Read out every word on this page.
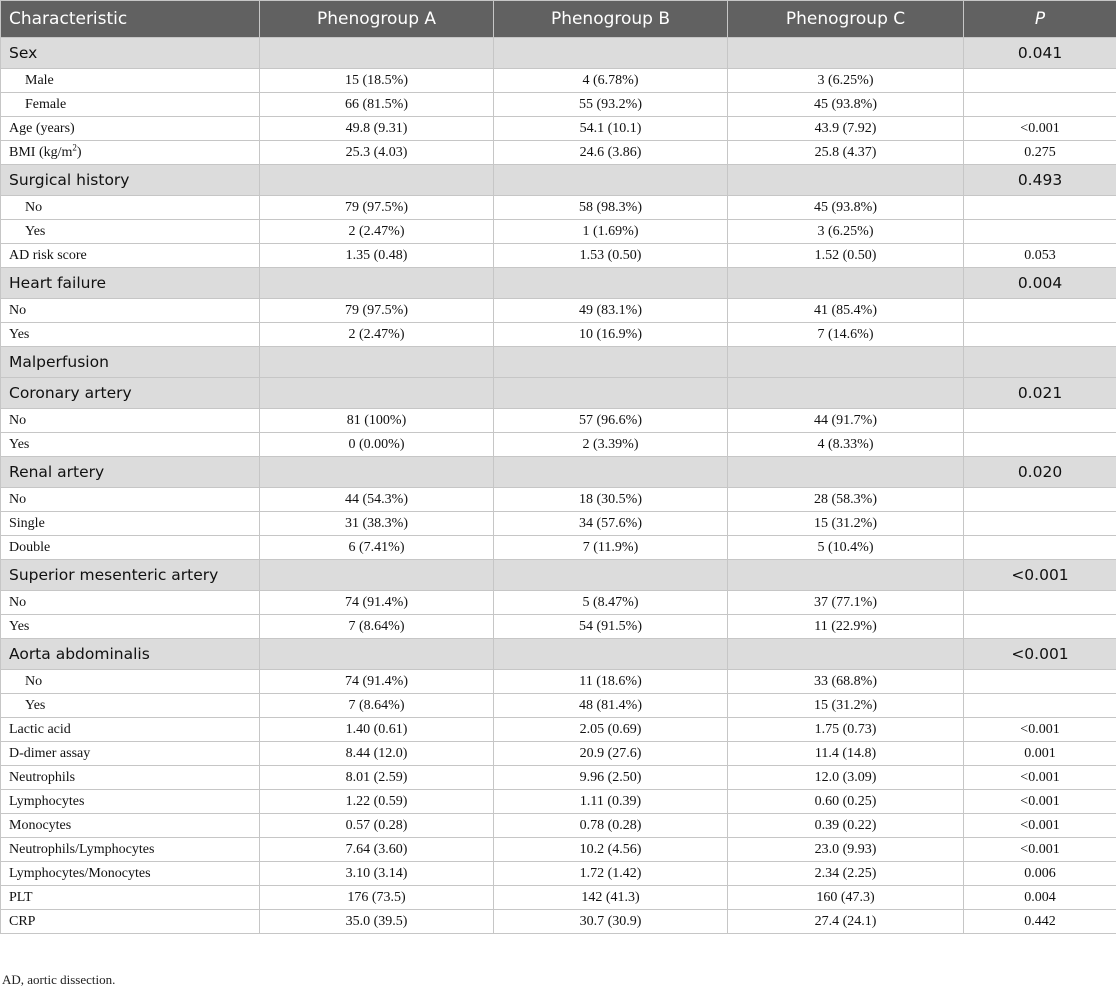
Characteristic	Phenogroup A	Phenogroup B	Phenogroup C	P
Sex				0.041
Male	15 (18.5%)	4 (6.78%)	3 (6.25%)	
Female	66 (81.5%)	55 (93.2%)	45 (93.8%)	
Age (years)	49.8 (9.31)	54.1 (10.1)	43.9 (7.92)	<0.001
BMI $(kg/m^2)$	25.3 (4.03)	24.6 (3.86)	25.8 (4.37)	0.275
Surgical history				0.493
No	79 (97.5%)	58 (98.3%)	45 (93.8%)	
Yes	2 (2.47%)	1 (1.69%)	3 (6.25%)	
AD risk score	1.35 (0.48)	1.53 (0.50)	1.52 (0.50)	0.053
Heart failure				0.004
No	79 (97.5%)	49 (83.1%)	41 (85.4%)	
Yes	2 (2.47%)	10 (16.9%)	7 (14.6%)	
Malperfusion				
Coronary artery				0.021
No	81 (100%)	57 (96.6%)	44 (91.7%)	
Yes	0 (0.00%)	2 (3.39%)	4 (8.33%)	
Renal artery				0.020
No	44 (54.3%)	18 (30.5%)	28 (58.3%)	
Single	31 (38.3%)	34 (57.6%)	15 (31.2%)	
Double	6 (7.41%)	7 (11.9%)	5 (10.4%)	
Superior mesenteric artery				<0.001
No	74 (91.4%)	5 (8.47%)	37 (77.1%)	
Yes	7 (8.64%)	54 (91.5%)	11 (22.9%)	
Aorta abdominalis				<0.001
No	74 (91.4%)	11 (18.6%)	33 (68.8%)	
Yes	7 (8.64%)	48 (81.4%)	15 (31.2%)	
Lactic acid	1.40 (0.61)	2.05 (0.69)	1.75 (0.73)	<0.001
D-dimer assay	8.44 (12.0)	20.9 (27.6)	11.4 (14.8)	0.001
Neutrophils	8.01 (2.59)	9.96 (2.50)	12.0 (3.09)	<0.001
Lymphocytes	1.22 (0.59)	1.11 (0.39)	0.60 (0.25)	<0.001
Monocytes	0.57 (0.28)	0.78 (0.28)	0.39 (0.22)	<0.001
Neutrophils/Lymphocytes	7.64 (3.60)	10.2 (4.56)	23.0 (9.93)	<0.001
Lymphocytes/Monocytes	3.10 (3.14)	1.72 (1.42)	2.34 (2.25)	0.006
PLT	176 (73.5)	142 (41.3)	160 (47.3)	0.004
CRP	35.0 (39.5)	30.7 (30.9)	27.4 (24.1)	0.442
AD, aortic dissection.
